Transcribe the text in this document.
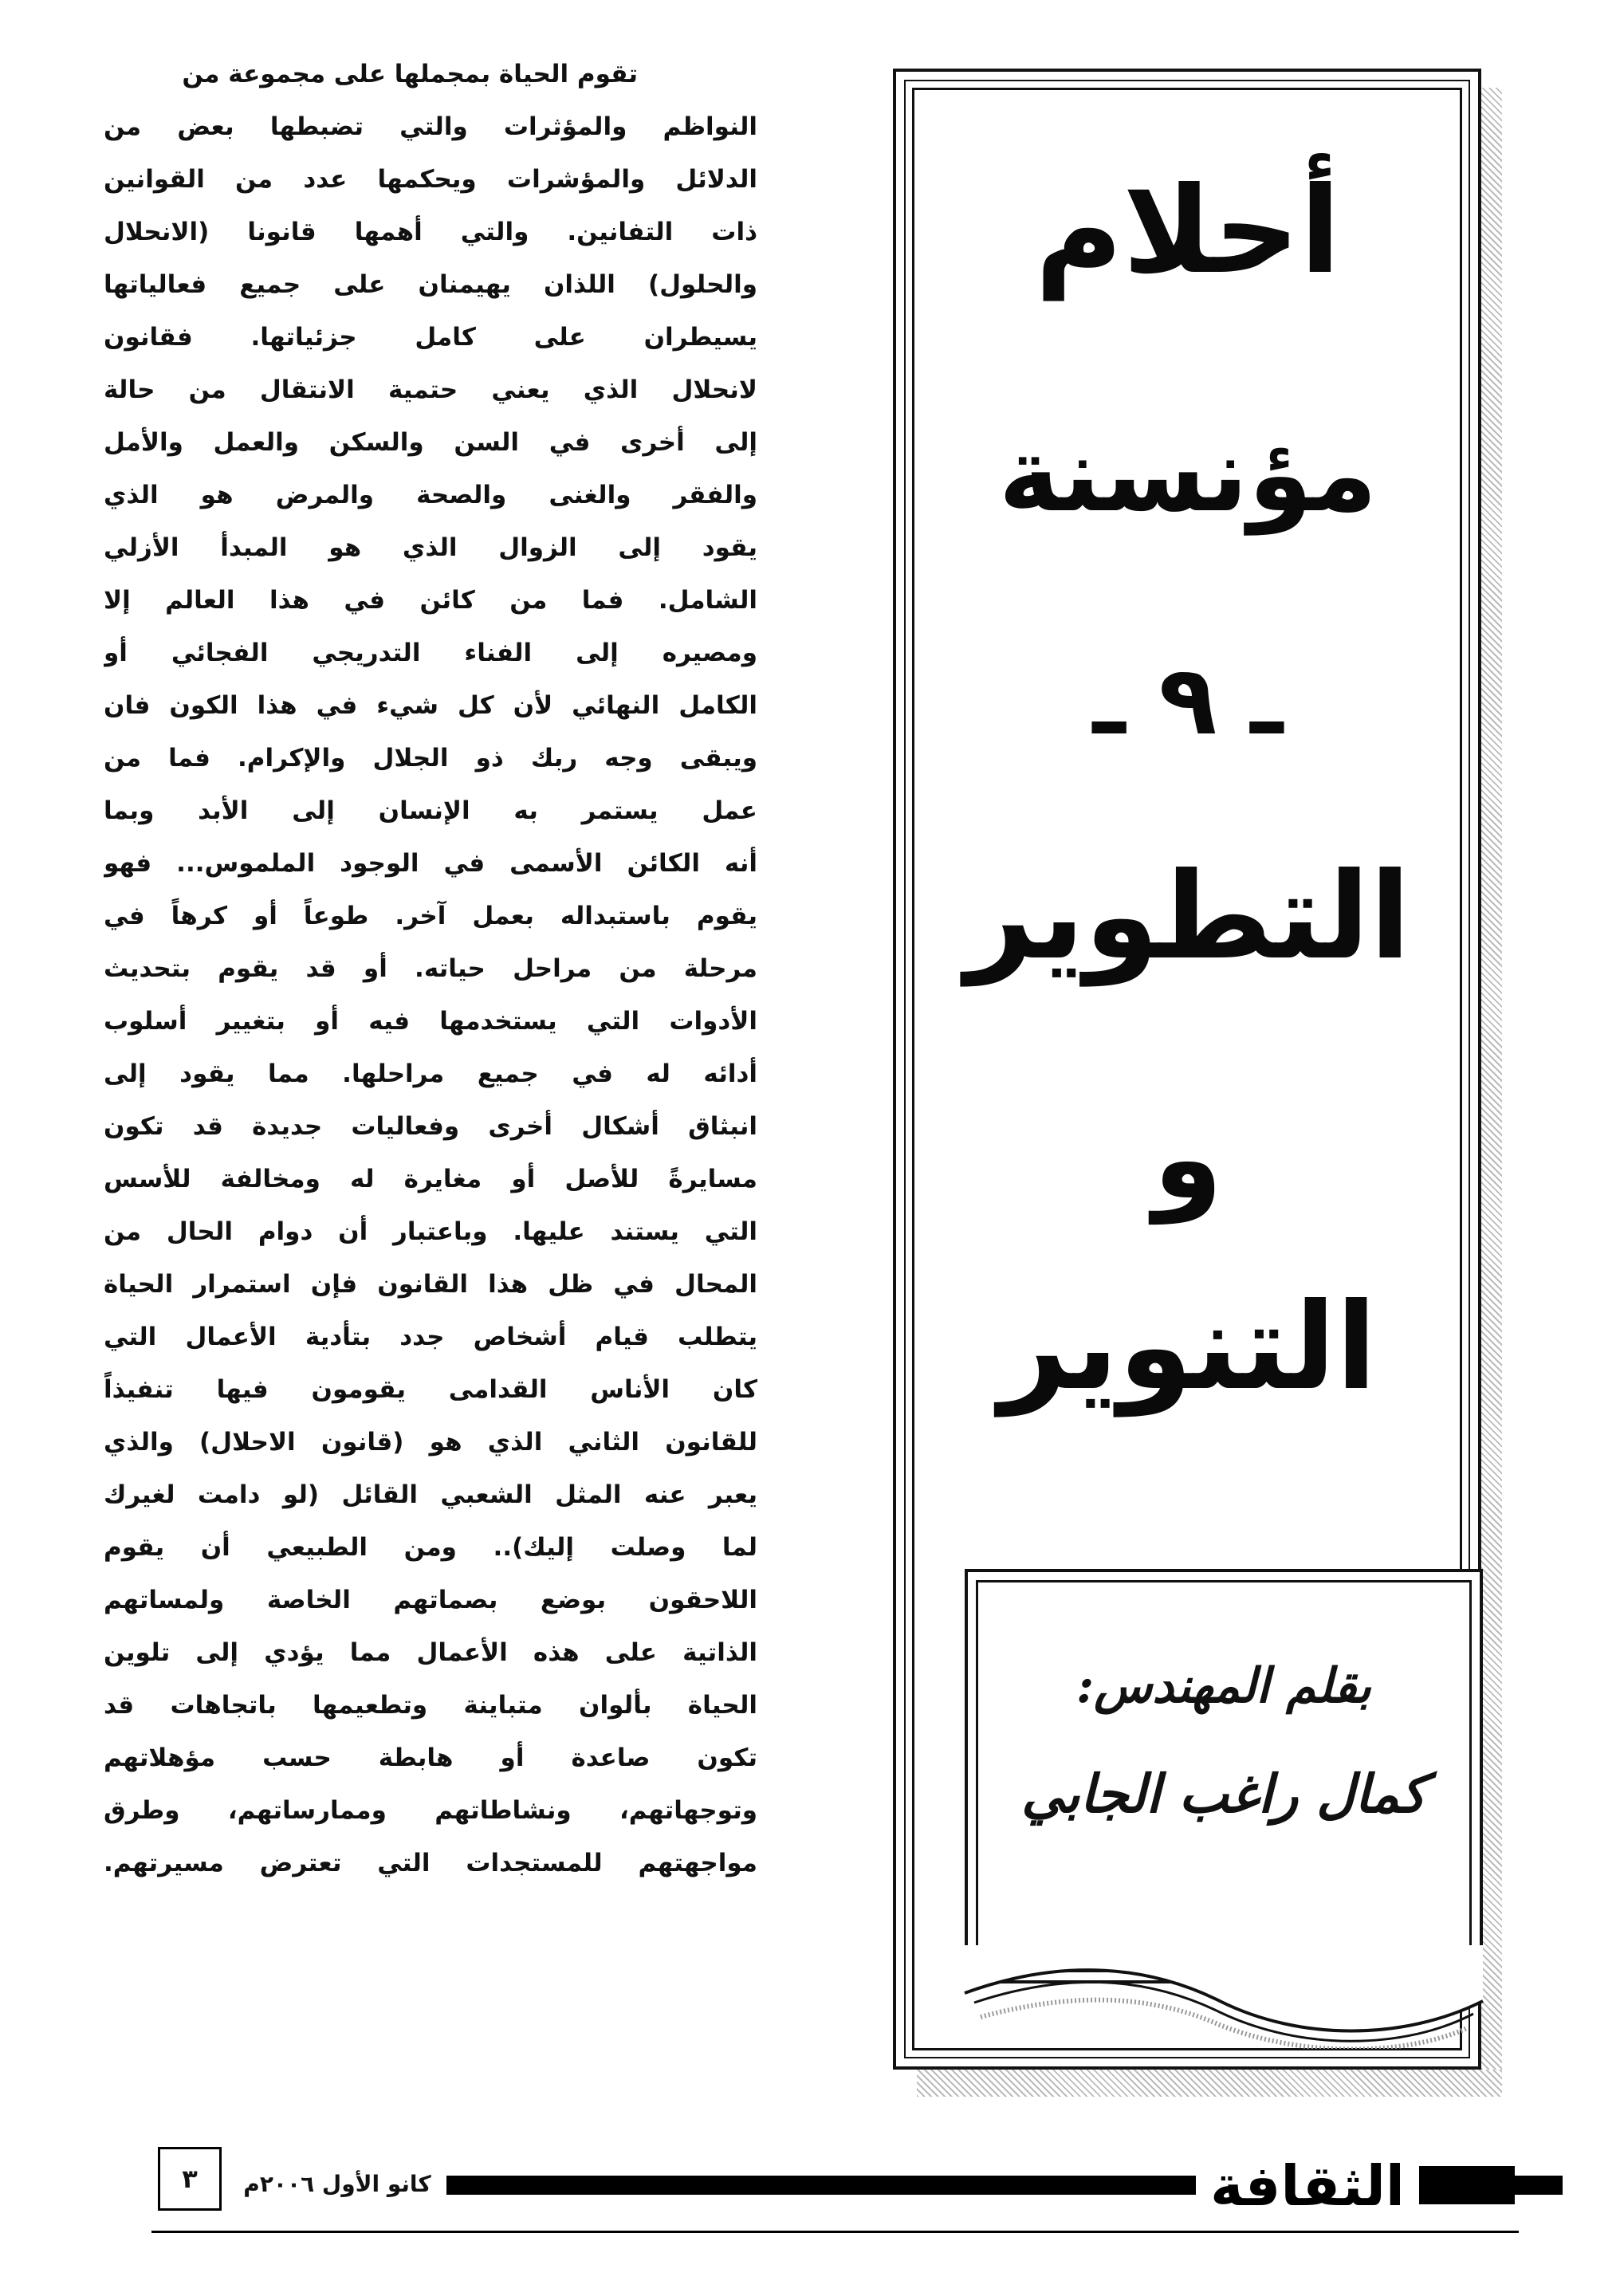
تقوم الحياة بمجملها على مجموعة من
النواظم والمؤثرات والتي تضبطها بعض من
الدلائل والمؤشرات ويحكمها عدد من القوانين
ذات التفانين. والتي أهمها قانونا (الانحلال
والحلول) اللذان يهيمنان على جميع فعالياتها
يسيطران على كامل جزئياتها. فقانون
لانحلال الذي يعني حتمية الانتقال من حالة
إلى أخرى في السن والسكن والعمل والأمل
والفقر والغنى والصحة والمرض هو الذي
يقود إلى الزوال الذي هو المبدأ الأزلي
الشامل. فما من كائن في هذا العالم إلا
ومصيره إلى الفناء التدريجي الفجائي أو
الكامل النهائي لأن كل شيء في هذا الكون فان
ويبقى وجه ربك ذو الجلال والإكرام. فما من
عمل يستمر به الإنسان إلى الأبد وبما
أنه الكائن الأسمى في الوجود الملموس... فهو
يقوم باستبداله بعمل آخر. طوعاً أو كرهاً في
مرحلة من مراحل حياته. أو قد يقوم بتحديث
الأدوات التي يستخدمها فيه أو بتغيير أسلوب
أدائه له في جميع مراحلها. مما يقود إلى
انبثاق أشكال أخرى وفعاليات جديدة قد تكون
مسايرةً للأصل أو مغايرة له ومخالفة للأسس
التي يستند عليها. وباعتبار أن دوام الحال من
المحال في ظل هذا القانون فإن استمرار الحياة
يتطلب قيام أشخاص جدد بتأدية الأعمال التي
كان الأناس القدامى يقومون فيها تنفيذاً
للقانون الثاني الذي هو (قانون الاحلال) والذي
يعبر عنه المثل الشعبي القائل (لو دامت لغيرك
لما وصلت إليك).. ومن الطبيعي أن يقوم
اللاحقون بوضع بصماتهم الخاصة ولمساتهم
الذاتية على هذه الأعمال مما يؤدي إلى تلوين
الحياة بألوان متباينة وتطعيمها باتجاهات قد
تكون صاعدة أو هابطة حسب مؤهلاتهم
وتوجهاتهم، ونشاطاتهم وممارساتهم، وطرق
مواجهتهم للمستجدات التي تعترض مسيرتهم.
أحلام
مؤنسنة
ـ ٩ ـ
التطوير
و
التنوير
بقلم المهندس:
كمال راغب الجابي
الثقافة
كانو الأول ٢٠٠٦م
٣
